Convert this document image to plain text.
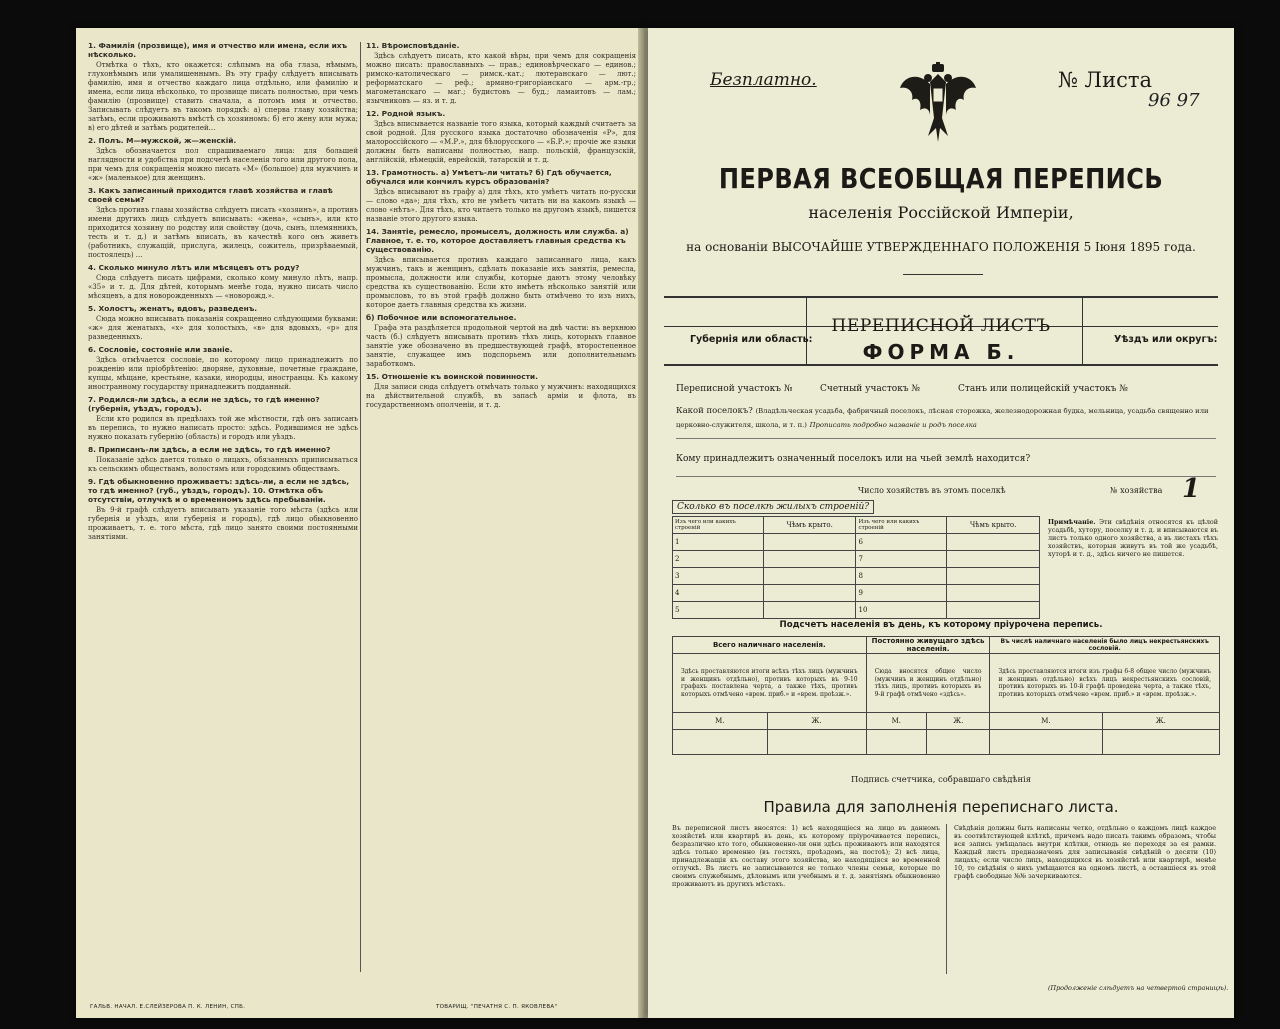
1. Фамилія (прозвище), имя и отчество или имена, если ихъ нѣсколько.

Отмѣтка о тѣхъ, кто окажется: слѣпымъ на оба глаза, нѣмымъ, глухонѣмымъ или умалишеннымъ. Въ эту графу слѣдуетъ вписывать фамилію, имя и отчество каждаго лица отдѣльно, или фамилію и имена, если лица нѣсколько, то прозвище писать полностью, при чемъ фамилію (прозвище) ставить сначала, а потомъ имя и отчество. Записывать слѣдуетъ въ такомъ порядкѣ: а) сперва главу хозяйства; затѣмъ, если проживаютъ вмѣстѣ съ хозяиномъ: б) его жену или мужа; в) его дѣтей и затѣмъ родителей...

2. Полъ. М—мужской, ж—женскій.

Здѣсь обозначается пол спрашиваемаго лица: для большей наглядности и удобства при подсчетѣ населенія того или другого пола, при чемъ для сокращенія можно писать «М» (большое) для мужчинъ и «ж» (маленькое) для женщинъ.

3. Какъ записанный приходится главѣ хозяйства и главѣ своей семьи?

Здѣсь противъ главы хозяйства слѣдуетъ писать «хозяинъ», а противъ имени другихъ лицъ слѣдуетъ вписывать: «жена», «сынъ», или кто приходится хозяину по родству или свойству (дочь, сынъ, племянникъ, тесть и т. д.) и затѣмъ вписать, въ качествѣ кого онъ живетъ (работникъ, служащій, прислуга, жилецъ, сожитель, призрѣваемый, постоялецъ) ...

4. Сколько минуло лѣтъ или мѣсяцевъ отъ роду?

Сюда слѣдуетъ писать цифрами, сколько кому минуло лѣтъ, напр. «35» и т. д. Для дѣтей, которымъ менѣе года, нужно писать число мѣсяцевъ, а для новорожденныхъ — «новорожд.».

5. Холостъ, женатъ, вдовъ, разведенъ.

Сюда можно вписывать показанія сокращенно слѣдующими буквами: «ж» для женатыхъ, «х» для холостыхъ, «в» для вдовыхъ, «р» для разведенныхъ.

6. Сословіе, состояніе или званіе.

Здѣсь отмѣчается сословіе, по которому лицо принадлежитъ по рожденію или пріобрѣтенію: дворяне, духовные, почетные граждане, купцы, мѣщане, крестьяне, казаки, инородцы, иностранцы. Къ какому иностранному государству принадлежитъ подданный.

7. Родился-ли здѣсь, а если не здѣсь, то гдѣ именно? (губернія, уѣздъ, городъ).

Если кто родился въ предѣлахъ той же мѣстности, гдѣ онъ записанъ въ перепись, то нужно написать просто: здѣсь. Родившимся не здѣсь нужно показать губернію (область) и городъ или уѣздъ.

8. Приписанъ-ли здѣсь, а если не здѣсь, то гдѣ именно?

Показаніе здѣсь дается только о лицахъ, обязанныхъ приписываться къ сельскимъ обществамъ, волостямъ или городскимъ обществамъ.

9. Гдѣ обыкновенно проживаетъ: здѣсь-ли, а если не здѣсь, то гдѣ именно? (губ., уѣздъ, городъ). 10. Отмѣтка объ отсутствіи, отлучкѣ и о временномъ здѣсь пребываніи.

Въ 9-й графѣ слѣдуетъ вписывать указаніе того мѣста (здѣсь или губернія и уѣздъ, или губернія и городъ), гдѣ лицо обыкновенно проживаетъ, т. е. того мѣста, гдѣ лицо занято своими постоянными занятіями.

11. Вѣроисповѣданіе.

Здѣсь слѣдуетъ писать, кто какой вѣры, при чемъ для сокращенія можно писать: православныхъ — прав.; единовѣрческаго — единов.; римско-католическаго — римск.-кат.; лютеранскаго — лют.; реформатскаго — реф.; армяно-григоріанскаго — арм.-гр.; магометанскаго — маг.; будистовъ — буд.; ламаитовъ — лам.; язычниковъ — яз. и т. д.

12. Родной языкъ.

Здѣсь вписывается названіе того языка, который каждый считаетъ за свой родной. Для русского языка достаточно обозначенія «Р», для малороссійского — «М.Р.», для бѣлорусского — «Б.Р.»; прочіе же языки должны быть написаны полностью, напр. польскій, французскій, англійскій, нѣмецкій, еврейскій, татарскій и т. д.

13. Грамотность. а) Умѣетъ-ли читать? б) Гдѣ обучается, обучался или кончилъ курсъ образованія?

Здѣсь вписывают въ графу а) для тѣхъ, кто умѣетъ читать по-русски — слово «да»; для тѣхъ, кто не умѣетъ читать ни на какомъ языкѣ — слово «нѣтъ». Для тѣхъ, кто читаетъ только на другомъ языкѣ, пишется названіе этого другого языка.

14. Занятіе, ремесло, промыселъ, должность или служба. а) Главное, т. е. то, которое доставляетъ главныя средства къ существованію.

Здѣсь вписывается противъ каждаго записаннаго лица, какъ мужчинъ, такъ и женщинъ, сдѣлать показаніе ихъ занятія, ремесла, промысла, должности или службы, которые даютъ этому человѣку средства къ существованію. Если кто имѣетъ нѣсколько занятій или промысловъ, то въ этой графѣ должно быть отмѣчено то изъ нихъ, которое даетъ главныя средства къ жизни.

б) Побочное или вспомогательное.

Графа эта раздѣляется продольной чертой на двѣ части: въ верхнюю часть (б.) слѣдуетъ вписывать противъ тѣхъ лицъ, которыхъ главное занятіе уже обозначено въ предшествующей графѣ, второстепенное занятіе, служащее имъ подспорьемъ или дополнительнымъ заработкомъ.

15. Отношеніе къ воинской повинности.

Для записи сюда слѣдуетъ отмѣчать только у мужчинъ: находящихся на дѣйствительной службѣ, въ запасѣ арміи и флота, въ государственномъ ополченіи, и т. д.

ГАЛЬВ. НАЧАЛ. Е.СЛЕЙЗЕРОВА П. К. ЛЕНИН, СПБ.	ТОВАРИЩ. "ПЕЧАТНЯ С. П. ЯКОВЛЕВА"
Безплатно.	№ Листа
96 97
ПЕРВАЯ ВСЕОБЩАЯ ПЕРЕПИСЬ
населенія Россійской Имперіи,
на основаніи ВЫСОЧАЙШЕ УТВЕРЖДЕННАГО ПОЛОЖЕНІЯ 5 Іюня 1895 года.
Губернія или область:
ПЕРЕПИСНОЙ ЛИСТЪ
ФОРМА Б.
Уѣздъ или округъ:
Переписной участокъ №	Счетный участокъ №	Станъ или полицейскій участокъ №
Какой поселокъ? (Владѣльческая усадьба, фабричный поселокъ, лѣсная сторожка, железнодорожная будка, мельница, усадьба священно или церковно-служителя, школа, и т. п.) Прописать подробно названіе и родъ поселка
Кому принадлежитъ означенный поселокъ или на чьей землѣ находится?
Число хозяйствъ въ этомъ поселкѣ	№ хозяйства 1
Сколько въ поселкѣ жилыхъ строеній?
Изъ чего или какихъ строеній	Чѣмъ крыто.	Изъ чего или какихъ строеній	Чѣмъ крыто.
1		6	
2		7	
3		8	
4		9	
5		10	
Примѣчаніе. Эти свѣдѣнія относятся къ цѣлой усадьбѣ, хутору, поселку и т. д. и вписываются въ листъ только одного хозяйства, а въ листахъ тѣхъ хозяйствъ, которыя живутъ въ той же усадьбѣ, хуторѣ и т. д., здѣсь ничего не пишется.
Подсчетъ населенія въ день, къ которому пріурочена перепись.
Всего наличнаго населенія.		Постоянно живущаго здѣсь населенія.		Въ числѣ наличнаго населенія было лицъ некрестьянскихъ сословій.	
Здѣсь проставляются итоги всѣхъ тѣхъ лицъ (мужчинъ и женщинъ отдѣльно), противъ которыхъ въ 9-10 графахъ поставлена черта, а также тѣхъ, противъ которыхъ отмѣчено «врем. приб.» и «врем. проѣзж.».		Сюда вносятся общее число (мужчинъ и женщинъ отдѣльно) тѣхъ лицъ, противъ которыхъ въ 9-й графѣ отмѣчено «здѣсь».		Здѣсь проставляются итоги изъ графы 6-8 общее число (мужчинъ и женщинъ отдѣльно) всѣхъ лицъ некрестьянскихъ сословій, противъ которыхъ въ 10-й графѣ проведена черта, а также тѣхъ, противъ которыхъ отмѣчено «врем. приб.» и «врем. проѣзж.».	
М.	Ж.	М.	Ж.	М.	Ж.

Подпись счетчика, собравшаго свѣдѣнія
Правила для заполненія переписнаго листа.
Въ переписной листъ вносятся: 1) всѣ находящіеся на лицо въ данномъ хозяйствѣ или квартирѣ въ день, къ которому пріурочивается перепись, безразлично кто того, обыкновенно-ли они здѣсь проживаютъ или находятся здѣсь только временно (въ гостяхъ, проѣздомъ, на постоѣ); 2) всѣ лица, принадлежащія къ составу этого хозяйства, но находящіяся во временной отлучкѣ. Въ листъ не записываются не только члены семьи, которые по своимъ служебнымъ, дѣловымъ или учебнымъ и т. д. занятіямъ обыкновенно проживаютъ въ другихъ мѣстахъ.
Свѣдѣнія должны быть написаны четко, отдѣльно о каждомъ лицѣ каждое въ соотвѣтствующей клѣткѣ, причемъ надо писать такимъ образомъ, чтобы вся запись умѣщалась внутри клѣтки, отнюдь не переходя за ея рамки. Каждый листъ предназначенъ для записыванія свѣдѣній о десяти (10) лицахъ; если число лицъ, находящихся въ хозяйствѣ или квартирѣ, менѣе 10, то свѣдѣнія о нихъ умѣщаются на одномъ листѣ, а оставшіеся въ этой графѣ свободные №№ зачеркиваются.
(Продолженіе слѣдуетъ на четвертой страницѣ).
